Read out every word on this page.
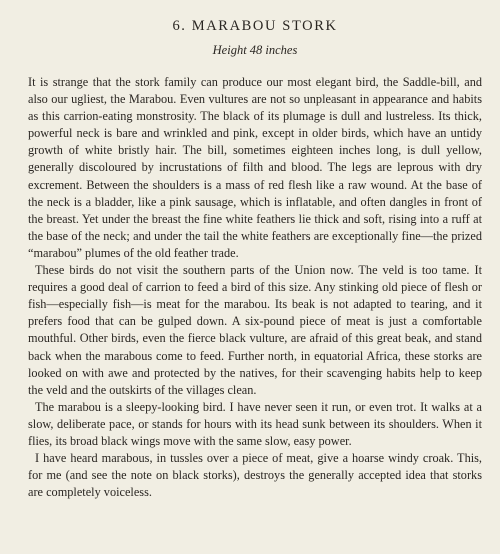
6. MARABOU STORK
Height 48 inches

It is strange that the stork family can produce our most elegant bird, the Saddle-bill, and also our ugliest, the Marabou. Even vultures are not so unpleasant in appearance and habits as this carrion-eating monstrosity. The black of its plumage is dull and lustreless. Its thick, powerful neck is bare and wrinkled and pink, except in older birds, which have an untidy growth of white bristly hair. The bill, sometimes eighteen inches long, is dull yellow, generally discoloured by incrustations of filth and blood. The legs are leprous with dry excrement. Between the shoulders is a mass of red flesh like a raw wound. At the base of the neck is a bladder, like a pink sausage, which is inflatable, and often dangles in front of the breast. Yet under the breast the fine white feathers lie thick and soft, rising into a ruff at the base of the neck; and under the tail the white feathers are exceptionally fine—the prized “marabou” plumes of the old feather trade.

These birds do not visit the southern parts of the Union now. The veld is too tame. It requires a good deal of carrion to feed a bird of this size. Any stinking old piece of flesh or fish—especially fish—is meat for the marabou. Its beak is not adapted to tearing, and it prefers food that can be gulped down. A six-pound piece of meat is just a comfortable mouthful. Other birds, even the fierce black vulture, are afraid of this great beak, and stand back when the marabous come to feed. Further north, in equatorial Africa, these storks are looked on with awe and protected by the natives, for their scavenging habits help to keep the veld and the outskirts of the villages clean.

The marabou is a sleepy-looking bird. I have never seen it run, or even trot. It walks at a slow, deliberate pace, or stands for hours with its head sunk between its shoulders. When it flies, its broad black wings move with the same slow, easy power.

I have heard marabous, in tussles over a piece of meat, give a hoarse windy croak. This, for me (and see the note on black storks), destroys the generally accepted idea that storks are completely voiceless.
